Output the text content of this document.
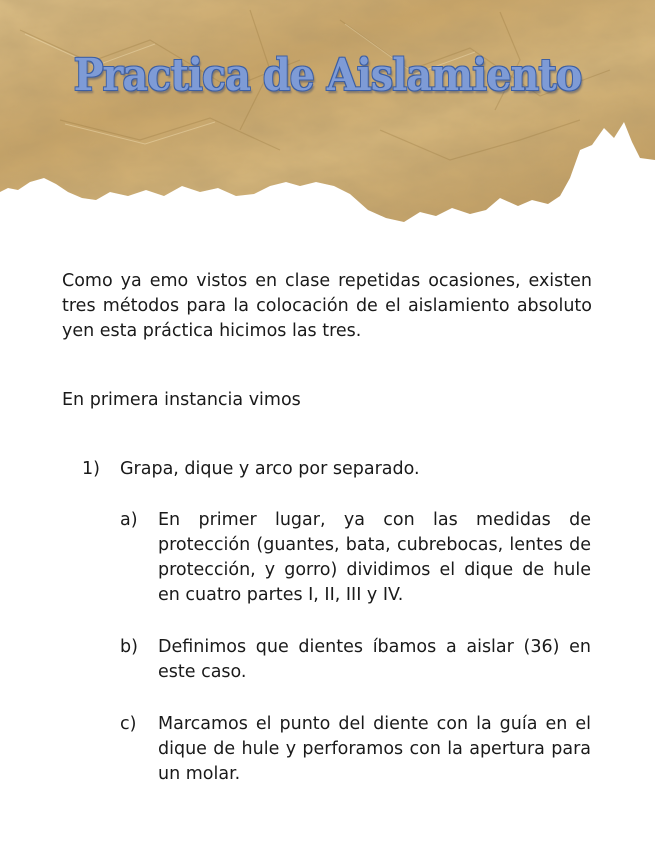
Practica de Aislamiento

Como ya emo vistos en clase repetidas ocasiones, existen tres métodos para la colocación de el aislamiento absoluto yen esta práctica hicimos las tres.

En primera instancia vimos

1) Grapa, dique y arco por separado.

a) En primer lugar, ya con las medidas de protección (guantes, bata, cubrebocas, lentes de protección, y gorro) dividimos el dique de hule en cuatro partes I, II, III y IV.

b) Definimos que dientes íbamos a aislar (36) en este caso.

c) Marcamos el punto del diente con la guía en el dique de hule y perforamos con la apertura para un molar.
